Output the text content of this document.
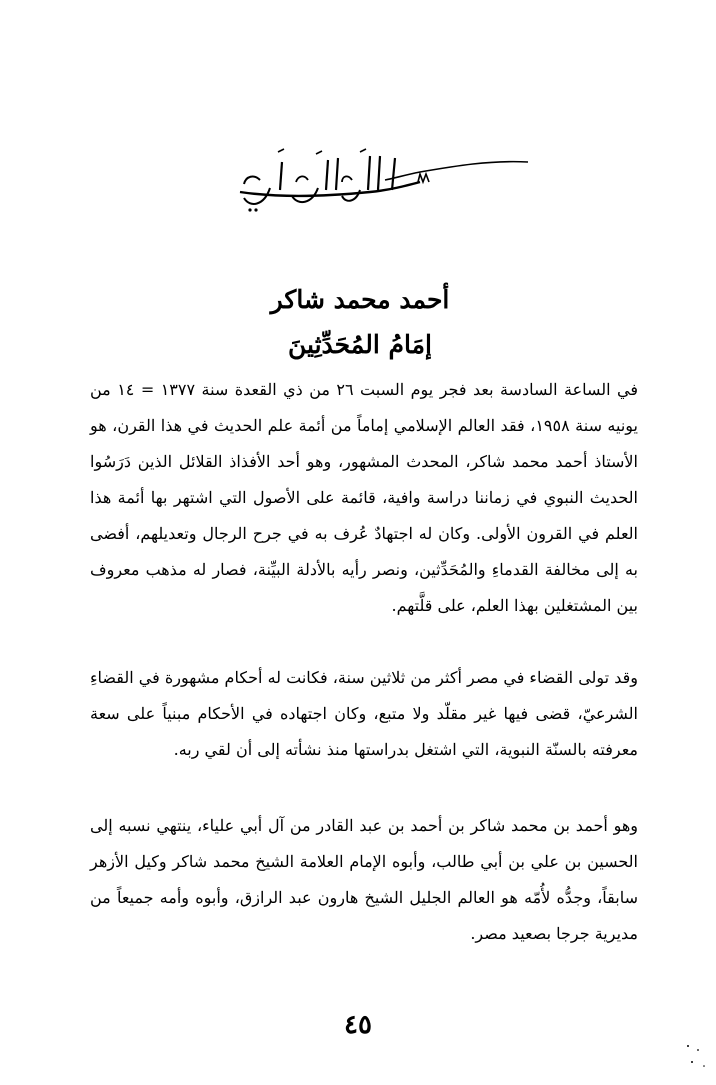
أحمد محمد شاكر
إمَامُ المُحَدِّثِينَ
في الساعة السادسة بعد فجر يوم السبت ٢٦ من ذي القعدة سنة ١٣٧٧ = ١٤ من يونيه سنة ١٩٥٨، فقد العالم الإسلامي إماماً من أئمة علم الحديث في هذا القرن، هو الأستاذ أحمد محمد شاكر، المحدث المشهور، وهو أحد الأفذاذ القلائل الذين دَرَسُوا الحديث النبوي في زماننا دراسة وافية، قائمة على الأصول التي اشتهر بها أئمة هذا العلم في القرون الأولى. وكان له اجتهادٌ عُرف به في جرح الرجال وتعديلهم، أفضى به إلى مخالفة القدماءِ والمُحَدِّثين، ونصر رأيه بالأدلة البيِّنة، فصار له مذهب معروف بين المشتغلين بهذا العلم، على قلَّتهم.
وقد تولى القضاء في مصر أكثر من ثلاثين سنة، فكانت له أحكام مشهورة في القضاءِ الشرعيّ، قضى فيها غير مقلّد ولا متبع، وكان اجتهاده في الأحكام مبنياً على سعة معرفته بالسنّة النبوية، التي اشتغل بدراستها منذ نشأته إلى أن لقي ربه.
وهو أحمد بن محمد شاكر بن أحمد بن عبد القادر من آل أبي علياء، ينتهي نسبه إلى الحسين بن علي بن أبي طالب، وأبوه الإمام العلامة الشيخ محمد شاكر وكيل الأزهر سابقاً، وجدُّه لأُمّه هو العالم الجليل الشيخ هارون عبد الرازق، وأبوه وأمه جميعاً من مديرية جرجا بصعيد مصر.
٤٥
